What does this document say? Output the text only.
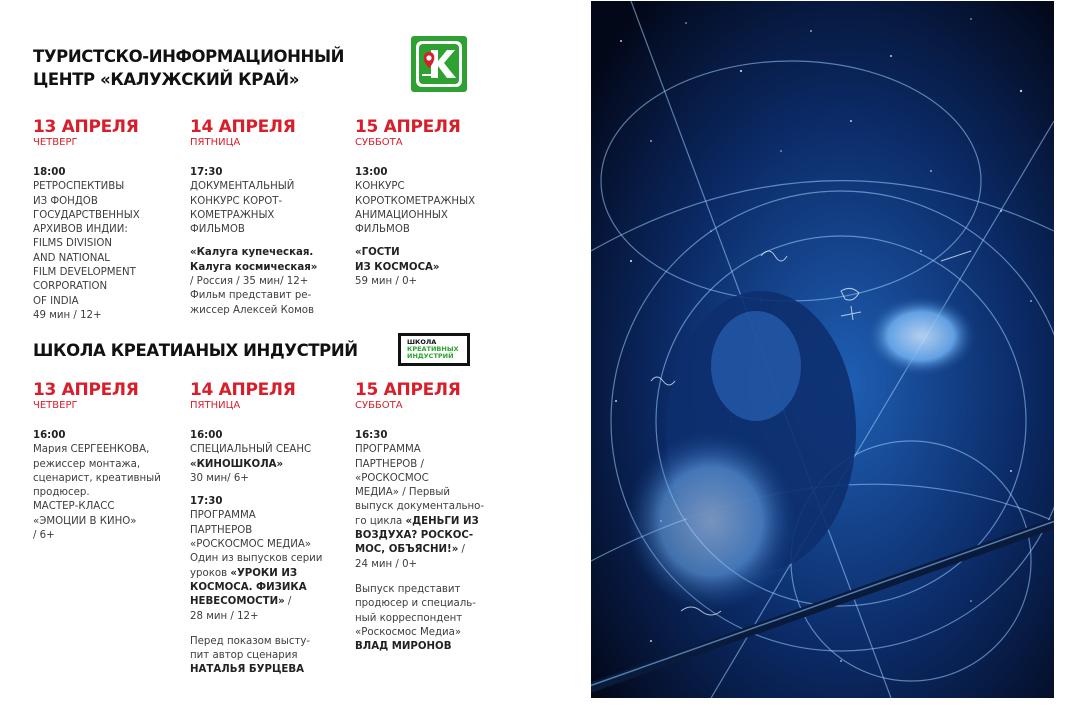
ТУРИСТСКО-ИНФОРМАЦИОННЫЙ
ЦЕНТР «КАЛУЖСКИЙ КРАЙ»
13 АПРЕЛЯ
ЧЕТВЕРГ

18:00

РЕТРОСПЕКТИВЫ

ИЗ ФОНДОВ

ГОСУДАРСТВЕННЫХ

АРХИВОВ ИНДИИ:

FILMS DIVISION

AND NATIONAL

FILM DEVELOPMENT

CORPORATION

OF INDIA

49 мин / 12+

14 АПРЕЛЯ
ПЯТНИЦА

17:30

ДОКУМЕНТАЛЬНЫЙ

КОНКУРС КОРОТ-

КОМЕТРАЖНЫХ

ФИЛЬМОВ

«Калуга купеческая.

Калуга космическая»

/ Россия / 35 мин/ 12+

Фильм представит ре-

жиссер Алексей Комов

15 АПРЕЛЯ
СУББОТА

13:00

КОНКУРС

КОРОТКОМЕТРАЖНЫХ

АНИМАЦИОННЫХ

ФИЛЬМОВ

«ГОСТИ

ИЗ КОСМОСА»

59 мин / 0+

ШКОЛА КРЕАТИАНЫХ ИНДУСТРИЙ	ШКОЛА
КРЕАТИВНЫХ
ИНДУСТРИЙ
13 АПРЕЛЯ
ЧЕТВЕРГ

16:00

Мария СЕРГЕЕНКОВА,

режиссер монтажа,

сценарист, креативный

продюсер.

МАСТЕР-КЛАСС

«ЭМОЦИИ В КИНО»

/ 6+

14 АПРЕЛЯ
ПЯТНИЦА

16:00

СПЕЦИАЛЬНЫЙ СЕАНС

«КИНОШКОЛА»

30 мин/ 6+

17:30

ПРОГРАММА

ПАРТНЕРОВ

«РОСКОСМОС МЕДИА»

Один из выпусков серии

уроков «УРОКИ ИЗ

КОСМОСА. ФИЗИКА

НЕВЕСОМОСТИ» /

28 мин / 12+

Перед показом высту-

пит автор сценария

НАТАЛЬЯ БУРЦЕВА

15 АПРЕЛЯ
СУББОТА

16:30

ПРОГРАММА

ПАРТНЕРОВ /

«РОСКОСМОС

МЕДИА» / Первый

выпуск документально-

го цикла «ДЕНЬГИ ИЗ

ВОЗДУХА? РОСКОС-

МОС, ОБЪЯСНИ!» /

24 мин / 0+

Выпуск представит

продюсер и специаль-

ный корреспондент

«Роскосмос Медиа»

ВЛАД МИРОНОВ
